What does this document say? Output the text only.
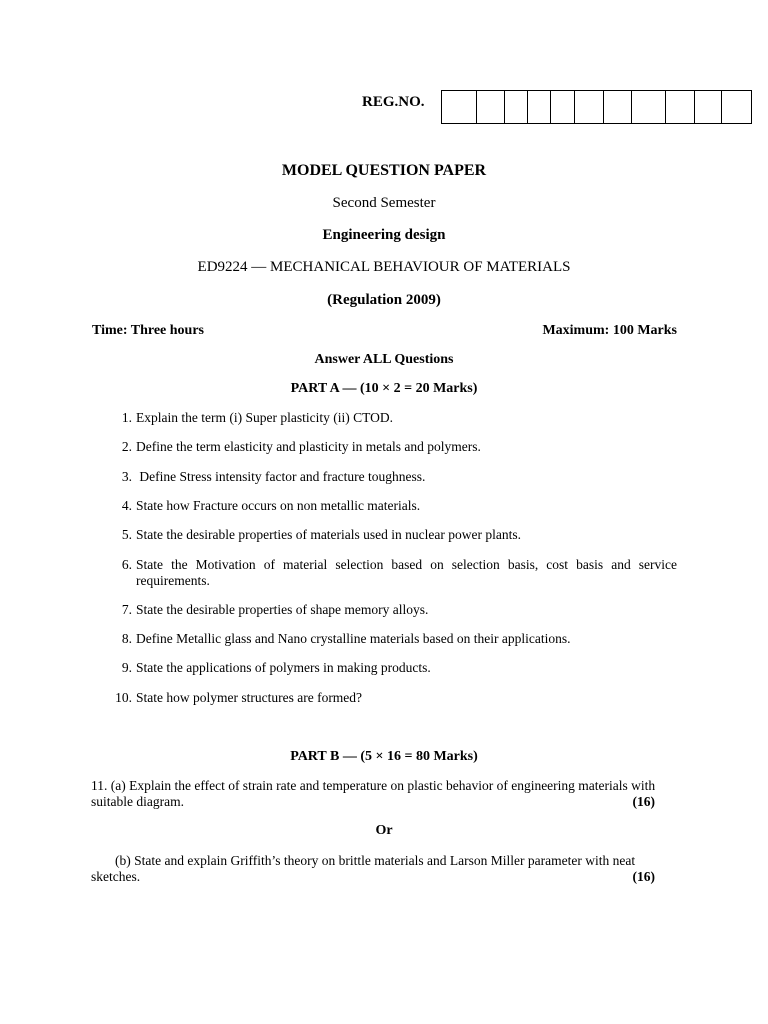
REG.NO.
MODEL QUESTION PAPER
Second Semester
Engineering design
ED9224 — MECHANICAL BEHAVIOUR OF MATERIALS
(Regulation 2009)
Time: Three hours	Maximum: 100 Marks
Answer ALL Questions
PART A — (10 × 2 = 20 Marks)
1. Explain the term (i) Super plasticity (ii) CTOD.
2. Define the term elasticity and plasticity in metals and polymers.
3. Define Stress intensity factor and fracture toughness.
4. State how Fracture occurs on non metallic materials.
5. State the desirable properties of materials used in nuclear power plants.
6. State the Motivation of material selection based on selection basis, cost basis and service requirements.
7. State the desirable properties of shape memory alloys.
8. Define Metallic glass and Nano crystalline materials based on their applications.
9. State the applications of polymers in making products.
10. State how polymer structures are formed?
PART B — (5 × 16 = 80 Marks)
11. (a) Explain the effect of strain rate and temperature on plastic behavior of engineering materials with
suitable diagram.	(16)
Or
(b) State and explain Griffith’s theory on brittle materials and Larson Miller parameter with neat
sketches.	(16)
